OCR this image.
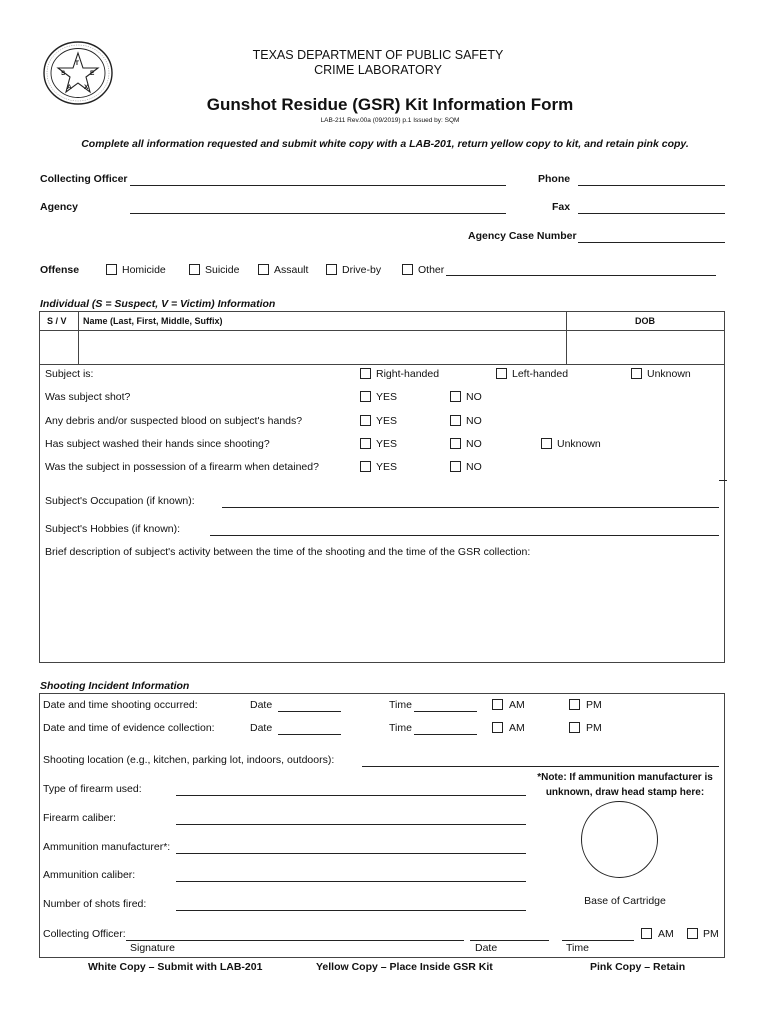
T
E
X
A
S
TEXAS DEPARTMENT OF PUBLIC SAFETY
CRIME LABORATORY
Gunshot Residue (GSR) Kit Information Form
LAB-211 Rev.00a (09/2019) p.1 Issued by: SQM
Complete all information requested and submit white copy with a LAB-201, return yellow copy to kit, and retain pink copy.
Collecting Officer	Phone
Agency	Fax
Agency Case Number
Offense	Homicide	Suicide	Assault	Drive-by	Other
Individual (S = Suspect, V = Victim) Information
S / V Name (Last, First, Middle, Suffix)	DOB
Subject is:	Right-handed	Left-handed	Unknown
Was subject shot?	YES	NO
Any debris and/or suspected blood on subject's hands?	YES	NO
Has subject washed their hands since shooting?	YES	NO	Unknown
Was the subject in possession of a firearm when detained?	YES	NO
Subject's Occupation (if known):
Subject's Hobbies (if known):
Brief description of subject's activity between the time of the shooting and the time of the GSR collection:
Shooting Incident Information
Date and time shooting occurred:	Date	Time	AM	PM
Date and time of evidence collection:	Date	Time	AM	PM
Shooting location (e.g., kitchen, parking lot, indoors, outdoors):
*Note: If ammunition manufacturer is
unknown, draw head stamp here:
Type of firearm used:
Firearm caliber:
Ammunition manufacturer*:
Ammunition caliber:
Number of shots fired:	Base of Cartridge
Collecting Officer:	AM	PM
Signature	Date	Time
White Copy – Submit with LAB-201	Yellow Copy – Place Inside GSR Kit	Pink Copy – Retain
